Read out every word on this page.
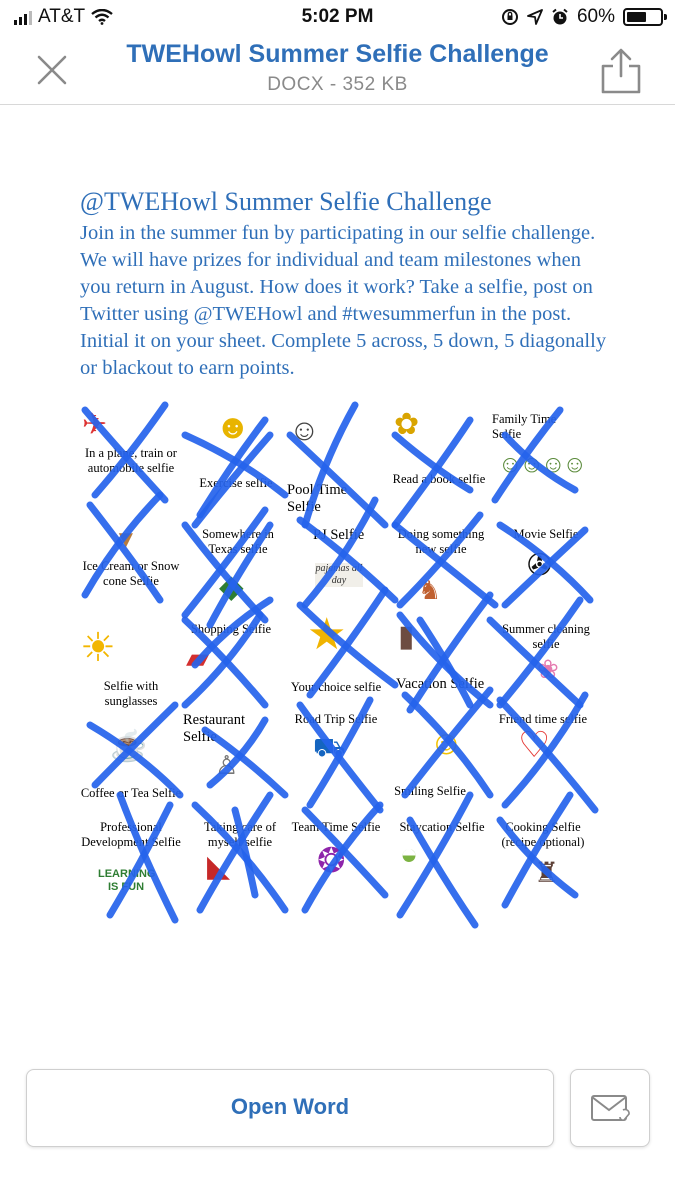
AT&T	5:02 PM	60%
TWEHowl Summer Selfie Challenge
DOCX - 352 KB
@TWEHowl Summer Selfie Challenge
Join in the summer fun by participating in our selfie challenge. We will have prizes for individual and team milestones when you return in August. How does it work? Take a selfie, post on Twitter using @TWEHowl and #twesummerfun in the post. Initial it on your sheet. Complete 5 across, 5 down, 5 diagonally or blackout to earn points.
✈
In a plane, train or automobile selfie
☻
Exercise selfie
☺
Pool Time Selfie
✿
Read a book selfie
Family Time Selfie
☺☺☺☺
▼
Ice Cream or Snow cone Selfie
Somewhere in Texas selfie
◆
PJ Selfie
pajamas all day
Doing something new selfie
♞
Movie Selfie
✇
☀
Selfie with sunglasses
Shopping Selfie
▰ ★
Your choice selfie
▮
Vacation Selfie
Summer cleaning selfie
❀
☕
Coffee or Tea Selfie
Restaurant Selfie
♙
Road Trip Selfie
⛟ ☺
Smiling Selfie
Friend time selfie
♡
Professional Development Selfie
LEARNING IS FUN
Taking care of myself selfie
◣
Team Time Selfie
❂
Staycation Selfie
◒
Cooking Selfie (recipe optional)
♜
Open Word
